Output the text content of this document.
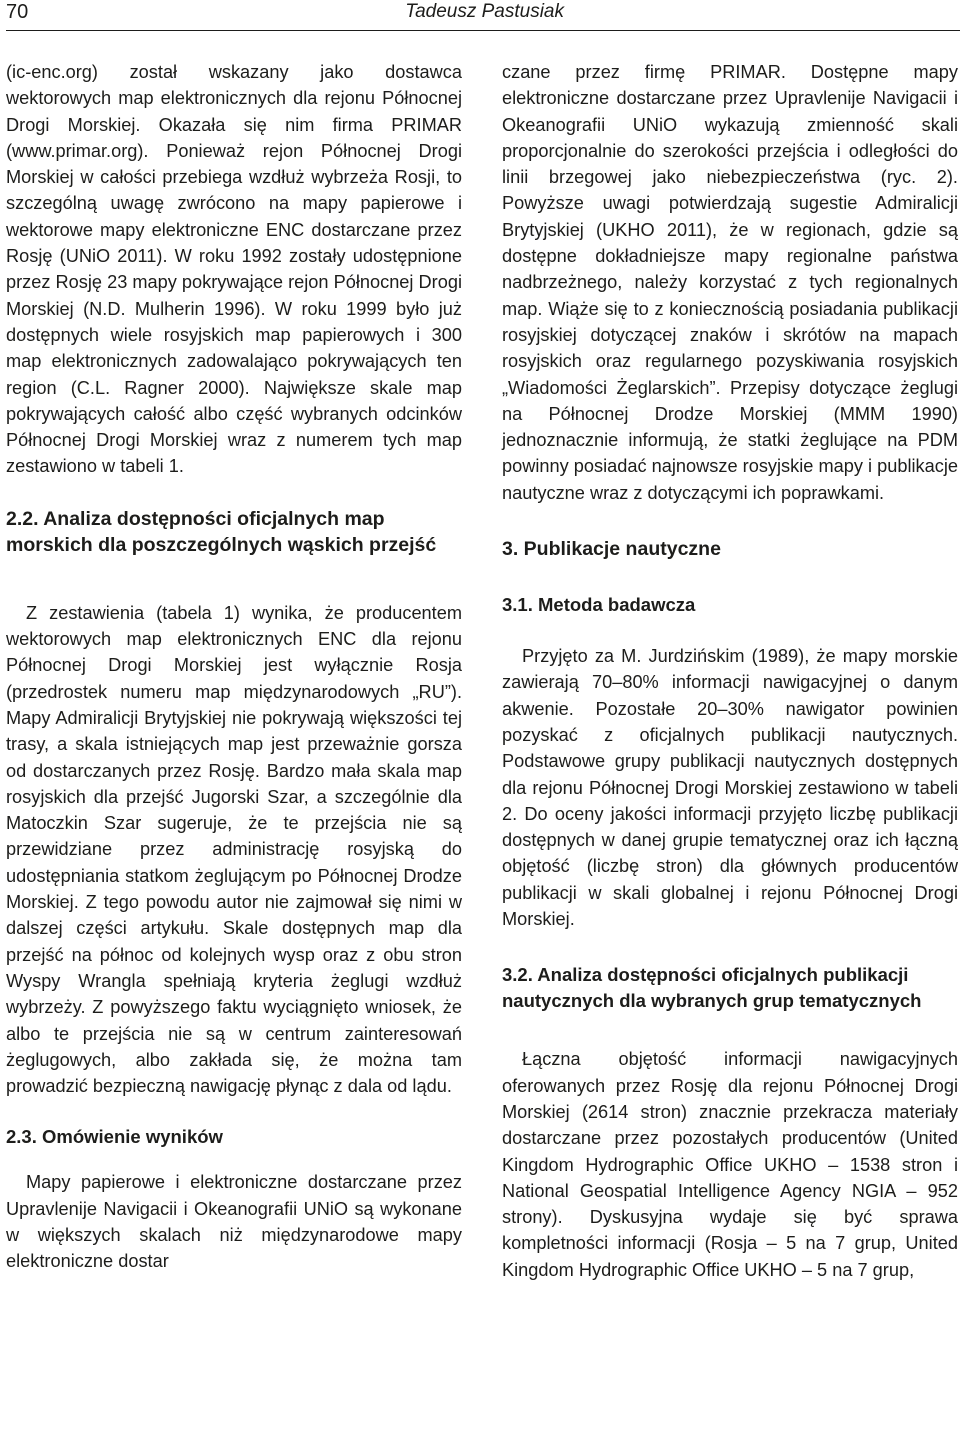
70	Tadeusz Pastusiak

(ic-enc.org) został wskazany jako dostawca wektorowych map elektronicznych dla rejonu Północnej Drogi Morskiej. Okazała się nim firma PRIMAR (www.primar.org). Ponieważ rejon Północnej Drogi Morskiej w całości przebiega wzdłuż wybrzeża Rosji, to szczególną uwagę zwrócono na mapy papierowe i wektorowe mapy elektroniczne ENC dostarczane przez Rosję (UNiO 2011). W roku 1992 zostały udostępnione przez Rosję 23 mapy pokrywające rejon Północnej Drogi Morskiej (N.D. Mulherin 1996). W roku 1999 było już dostępnych wiele rosyjskich map papierowych i 300 map elektronicznych zadowalająco pokrywających ten region (C.L. Ragner 2000). Największe skale map pokrywających całość albo część wybranych odcinków Północnej Drogi Morskiej wraz z numerem tych map zestawiono w tabeli 1.

2.2. Analiza dostępności oficjalnych map morskich dla poszczególnych wąskich przejść

Z zestawienia (tabela 1) wynika, że producentem wektorowych map elektronicznych ENC dla rejonu Północnej Drogi Morskiej jest wyłącznie Rosja (przedrostek numeru map międzynarodowych „RU”). Mapy Admiralicji Brytyjskiej nie pokrywają większości tej trasy, a skala istniejących map jest przeważnie gorsza od dostarczanych przez Rosję. Bardzo mała skala map rosyjskich dla przejść Jugorski Szar, a szczególnie dla Matoczkin Szar sugeruje, że te przejścia nie są przewidziane przez administrację rosyjską do udostępniania statkom żeglującym po Północnej Drodze Morskiej. Z tego powodu autor nie zajmował się nimi w dalszej części artykułu. Skale dostępnych map dla przejść na północ od kolejnych wysp oraz z obu stron Wyspy Wrangla spełniają kryteria żeglugi wzdłuż wybrzeży. Z powyższego faktu wyciągnięto wniosek, że albo te przejścia nie są w centrum zainteresowań żeglugowych, albo zakłada się, że można tam prowadzić bezpieczną nawigację płynąc z dala od lądu.

2.3. Omówienie wyników

Mapy papierowe i elektroniczne dostarczane przez Upravlenije Navigacii i Okeanografii UNiO są wykonane w większych skalach niż międzynarodowe mapy elektroniczne dostar

czane przez firmę PRIMAR. Dostępne mapy elektroniczne dostarczane przez Upravlenije Navigacii i Okeanografii UNiO wykazują zmienność skali proporcjonalnie do szerokości przejścia i odległości do linii brzegowej jako niebezpieczeństwa (ryc. 2). Powyższe uwagi potwierdzają sugestie Admiralicji Brytyjskiej (UKHO 2011), że w regionach, gdzie są dostępne dokładniejsze mapy regionalne państwa nadbrzeżnego, należy korzystać z tych regionalnych map. Wiąże się to z koniecznością posiadania publikacji rosyjskiej dotyczącej znaków i skrótów na mapach rosyjskich oraz regularnego pozyskiwania rosyjskich „Wiadomości Żeglarskich”. Przepisy dotyczące żeglugi na Północnej Drodze Morskiej (MMM 1990) jednoznacznie informują, że statki żeglujące na PDM powinny posiadać najnowsze rosyjskie mapy i publikacje nautyczne wraz z dotyczącymi ich poprawkami.

3. Publikacje nautyczne
3.1. Metoda badawcza

Przyjęto za M. Jurdzińskim (1989), że mapy morskie zawierają 70–80% informacji nawigacyjnej o danym akwenie. Pozostałe 20–30% nawigator powinien pozyskać z oficjalnych publikacji nautycznych. Podstawowe grupy publikacji nautycznych dostępnych dla rejonu Północnej Drogi Morskiej zestawiono w tabeli 2. Do oceny jakości informacji przyjęto liczbę publikacji dostępnych w danej grupie tematycznej oraz ich łączną objętość (liczbę stron) dla głównych producentów publikacji w skali globalnej i rejonu Północnej Drogi Morskiej.

3.2. Analiza dostępności oficjalnych publikacji nautycznych dla wybranych grup tematycznych

Łączna objętość informacji nawigacyjnych oferowanych przez Rosję dla rejonu Północnej Drogi Morskiej (2614 stron) znacznie przekracza materiały dostarczane przez pozostałych producentów (United Kingdom Hydrographic Office UKHO – 1538 stron i National Geospatial Intelligence Agency NGIA – 952 strony). Dyskusyjna wydaje się być sprawa kompletności informacji (Rosja – 5 na 7 grup, United Kingdom Hydrographic Office UKHO – 5 na 7 grup,
